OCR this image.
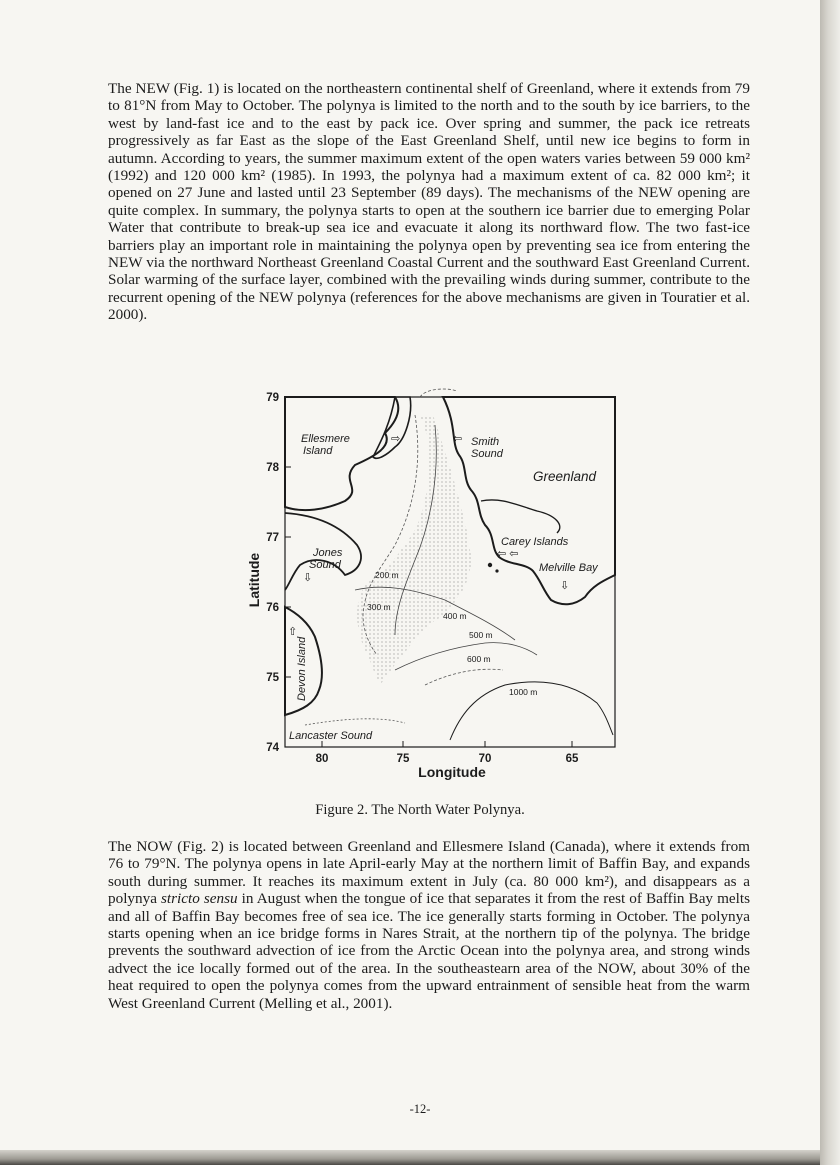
The NEW (Fig. 1) is located on the northeastern continental shelf of Greenland, where it extends from 79 to 81°N from May to October. The polynya is limited to the north and to the south by ice barriers, to the west by land-fast ice and to the east by pack ice. Over spring and summer, the pack ice retreats progressively as far East as the slope of the East Greenland Shelf, until new ice begins to form in autumn. According to years, the summer maximum extent of the open waters varies between 59 000 km² (1992) and 120 000 km² (1985). In 1993, the polynya had a maximum extent of ca. 82 000 km²; it opened on 27 June and lasted until 23 September (89 days). The mechanisms of the NEW opening are quite complex. In summary, the polynya starts to open at the southern ice barrier due to emerging Polar Water that contribute to break-up sea ice and evacuate it along its northward flow. The two fast-ice barriers play an important role in maintaining the polynya open by preventing sea ice from entering the NEW via the northward Northeast Greenland Coastal Current and the southward East Greenland Current. Solar warming of the surface layer, combined with the prevailing winds during summer, contribute to the recurrent opening of the NEW polynya (references for the above mechanisms are given in Touratier et al. 2000).

⇨	⇦
⇦ ⇦
⇩
⇩
⇧
79
78
77
76
75
74
Latitude
80	75	70	65
Longitude
Ellesmere
Island
Smith
Sound
Greenland
Carey Islands
Melville Bay
Jones
Sound
Devon Island
Lancaster Sound
200 m
300 m
400 m
500 m
600 m
1000 m
Figure 2. The North Water Polynya.

The NOW (Fig. 2) is located between Greenland and Ellesmere Island (Canada), where it extends from 76 to 79°N. The polynya opens in late April-early May at the northern limit of Baffin Bay, and expands south during summer. It reaches its maximum extent in July (ca. 80 000 km²), and disappears as a polynya stricto sensu in August when the tongue of ice that separates it from the rest of Baffin Bay melts and all of Baffin Bay becomes free of sea ice. The ice generally starts forming in October. The polynya starts opening when an ice bridge forms in Nares Strait, at the northern tip of the polynya. The bridge prevents the southward advection of ice from the Arctic Ocean into the polynya area, and strong winds advect the ice locally formed out of the area. In the southeastearn area of the NOW, about 30% of the heat required to open the polynya comes from the upward entrainment of sensible heat from the warm West Greenland Current (Melling et al., 2001).

-12-
